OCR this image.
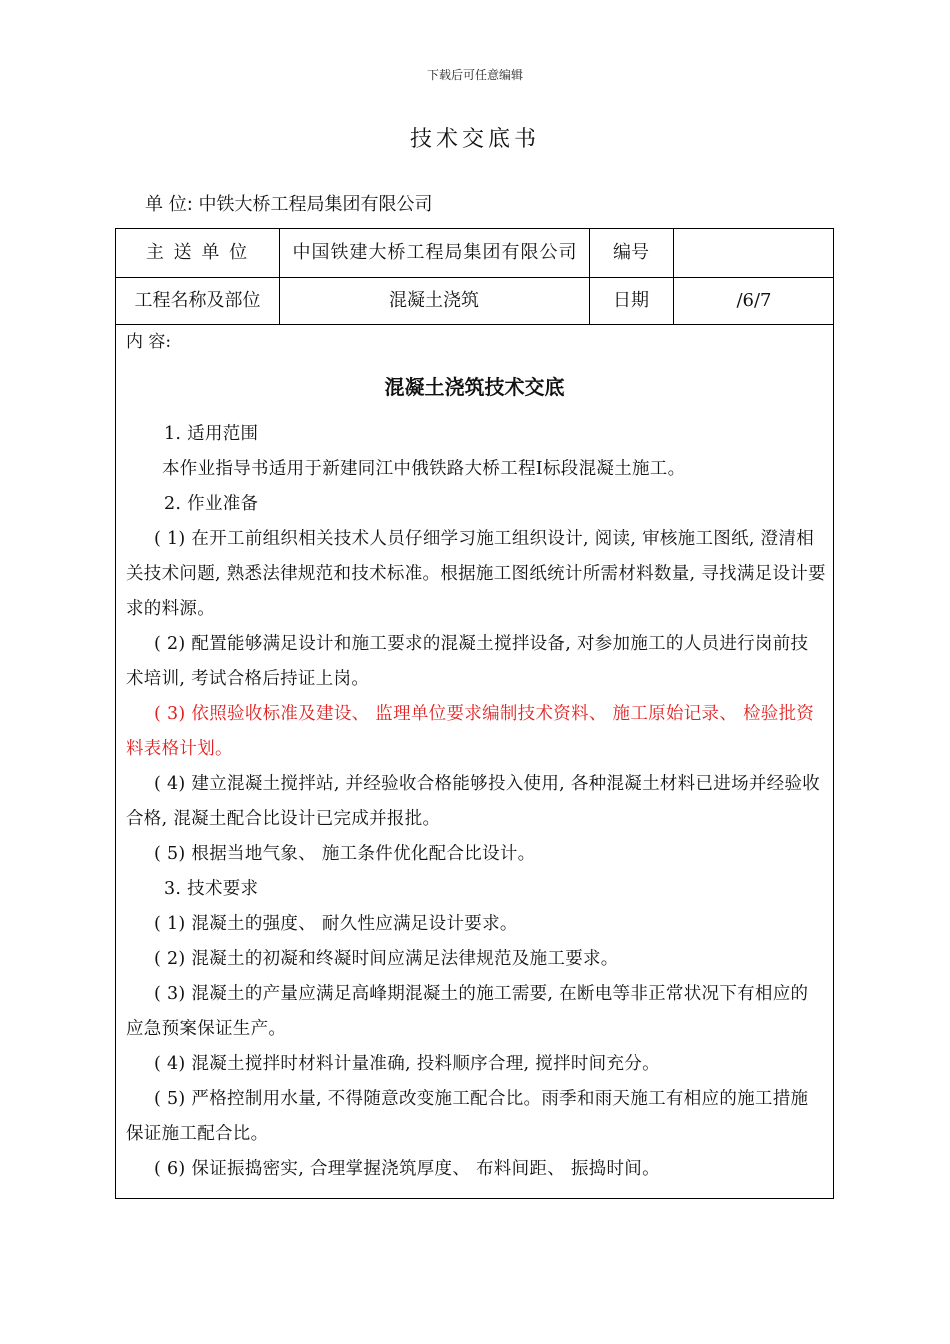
下载后可任意编辑
技术交底书
单 位: 中铁大桥工程局集团有限公司
主 送 单 位	中国铁建大桥工程局集团有限公司	编号
工程名称及部位	混凝土浇筑	日期	/6/7
内 容:
混凝土浇筑技术交底
1. 适用范围
本作业指导书适用于新建同江中俄铁路大桥工程Ⅰ标段混凝土施工。
2. 作业准备
( 1) 在开工前组织相关技术人员仔细学习施工组织设计, 阅读, 审核施工图纸, 澄清相关技术问题, 熟悉法律规范和技术标准。根据施工图纸统计所需材料数量, 寻找满足设计要求的料源。
( 2) 配置能够满足设计和施工要求的混凝土搅拌设备, 对参加施工的人员进行岗前技术培训, 考试合格后持证上岗。
( 3) 依照验收标准及建设、 监理单位要求编制技术资料、 施工原始记录、 检验批资料表格计划。
( 4) 建立混凝土搅拌站, 并经验收合格能够投入使用, 各种混凝土材料已进场并经验收合格, 混凝土配合比设计已完成并报批。
( 5) 根据当地气象、 施工条件优化配合比设计。
3. 技术要求
( 1) 混凝土的强度、 耐久性应满足设计要求。
( 2) 混凝土的初凝和终凝时间应满足法律规范及施工要求。
( 3) 混凝土的产量应满足高峰期混凝土的施工需要, 在断电等非正常状况下有相应的应急预案保证生产。
( 4) 混凝土搅拌时材料计量准确, 投料顺序合理, 搅拌时间充分。
( 5) 严格控制用水量, 不得随意改变施工配合比。雨季和雨天施工有相应的施工措施保证施工配合比。
( 6) 保证振捣密实, 合理掌握浇筑厚度、 布料间距、 振捣时间。
